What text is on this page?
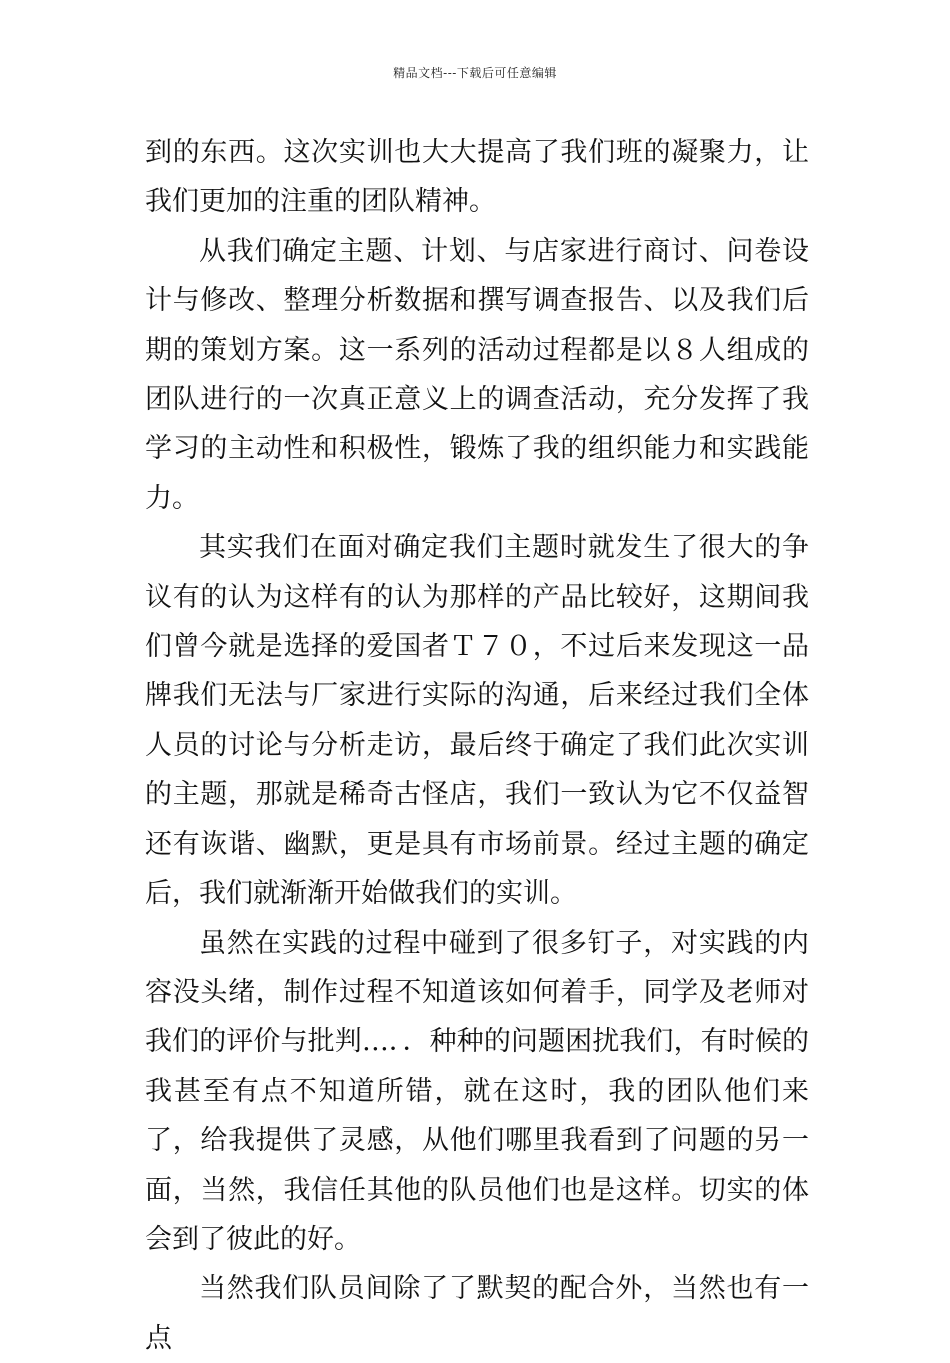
精品文档---下载后可任意编辑

到的东西。这次实训也大大提高了我们班的凝聚力，让我们更加的注重的团队精神。

从我们确定主题、计划、与店家进行商讨、问卷设计与修改、整理分析数据和撰写调查报告、以及我们后期的策划方案。这一系列的活动过程都是以８人组成的团队进行的一次真正意义上的调查活动，充分发挥了我学习的主动性和积极性，锻炼了我的组织能力和实践能力。

其实我们在面对确定我们主题时就发生了很大的争议有的认为这样有的认为那样的产品比较好，这期间我们曾今就是选择的爱国者Ｔ７０，不过后来发现这一品牌我们无法与厂家进行实际的沟通，后来经过我们全体人员的讨论与分析走访，最后终于确定了我们此次实训的主题，那就是稀奇古怪店，我们一致认为它不仅益智还有诙谐、幽默，更是具有市场前景。经过主题的确定后，我们就渐渐开始做我们的实训。

虽然在实践的过程中碰到了很多钉子，对实践的内容没头绪，制作过程不知道该如何着手，同学及老师对我们的评价与批判…．．种种的问题困扰我们，有时候的我甚至有点不知道所错，就在这时，我的团队他们来了，给我提供了灵感，从他们哪里我看到了问题的另一面，当然，我信任其他的队员他们也是这样。切实的体会到了彼此的好。

当然我们队员间除了了默契的配合外，当然也有一点
